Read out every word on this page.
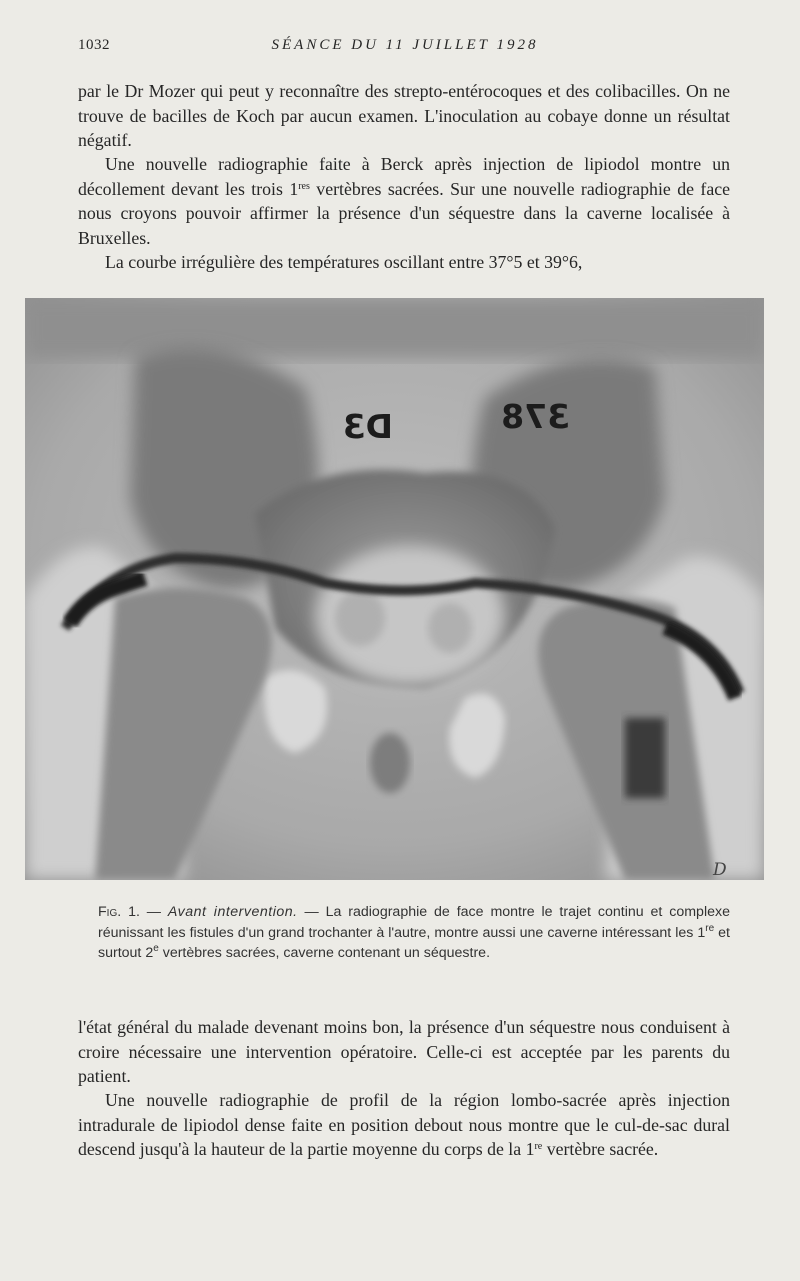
1032	SÉANCE DU 11 JUILLET 1928

par le Dr Mozer qui peut y reconnaître des strepto-entérocoques et des colibacilles. On ne trouve de bacilles de Koch par aucun examen. L'inoculation au cobaye donne un résultat négatif.

Une nouvelle radiographie faite à Berck après injection de lipiodol montre un décollement devant les trois 1res vertèbres sacrées. Sur une nouvelle radiographie de face nous croyons pouvoir affirmer la présence d'un séquestre dans la caverne localisée à Bruxelles.

La courbe irrégulière des températures oscillant entre 37°5 et 39°6,

D3	378
D

Fig. 1. — Avant intervention. — La radiographie de face montre le trajet continu et complexe réunissant les fistules d'un grand trochanter à l'autre, montre aussi une caverne intéressant les 1re et surtout 2e vertèbres sacrées, caverne contenant un séquestre.

l'état général du malade devenant moins bon, la présence d'un séquestre nous conduisent à croire nécessaire une intervention opératoire. Celle-ci est acceptée par les parents du patient.

Une nouvelle radiographie de profil de la région lombo-sacrée après injection intradurale de lipiodol dense faite en position debout nous montre que le cul-de-sac dural descend jusqu'à la hauteur de la partie moyenne du corps de la 1re vertèbre sacrée.
